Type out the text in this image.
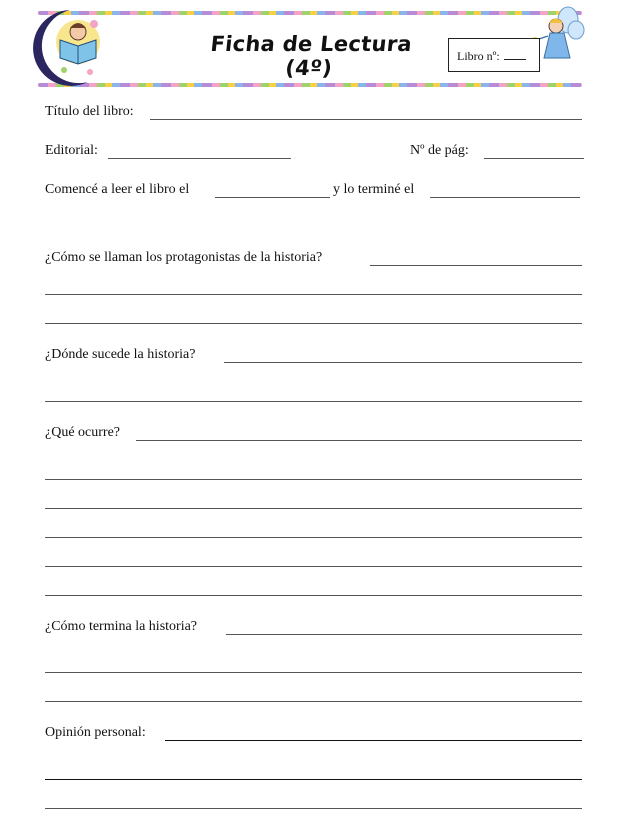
Ficha de Lectura (4º)	Libro nº:
Título del libro:
Editorial:	Nº de pág:
Comencé a leer el libro el	y lo terminé el
¿Cómo se llaman los protagonistas de la historia?
¿Dónde sucede la historia?
¿Qué ocurre?
¿Cómo termina la historia?
Opinión personal:
